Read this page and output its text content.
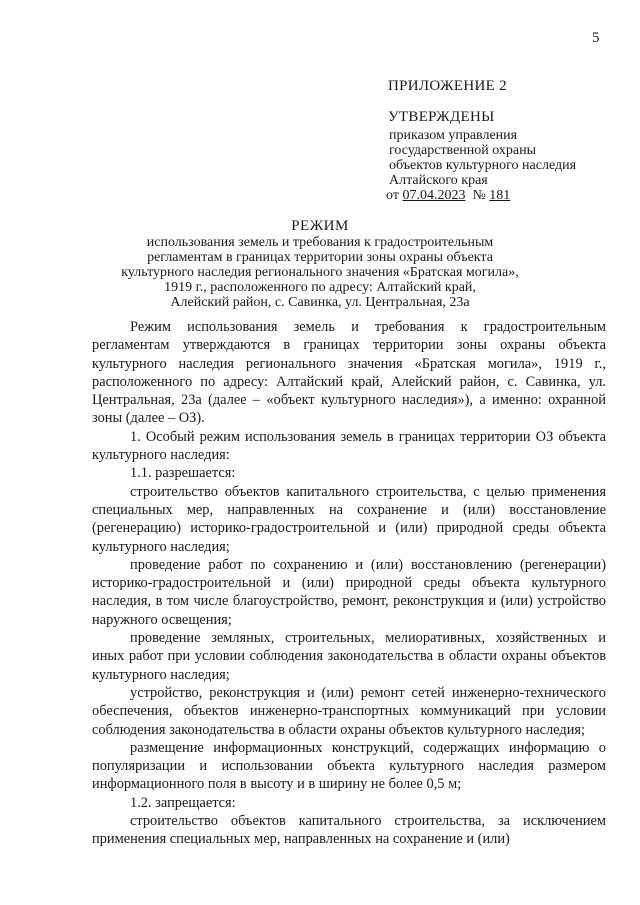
5
ПРИЛОЖЕНИЕ 2
УТВЕРЖДЕНЫ
приказом управления
государственной охраны
объектов культурного наследия
Алтайского края
от 07.04.2023  № 181
РЕЖИМ
использования земель и требования к градостроительным
регламентам в границах территории зоны охраны объекта
культурного наследия регионального значения «Братская могила»,
1919 г., расположенного по адресу: Алтайский край,
Алейский район, с. Савинка, ул. Центральная, 23а

Режим использования земель и требования к градостроительным регламентам утверждаются в границах территории зоны охраны объекта культурного наследия регионального значения «Братская могила», 1919 г., расположенного по адресу: Алтайский край, Алейский район, с. Савинка, ул. Центральная, 23а (далее – «объект культурного наследия»), а именно: охранной зоны (далее – ОЗ).

1. Особый режим использования земель в границах территории ОЗ объекта культурного наследия:

1.1. разрешается:

строительство объектов капитального строительства, с целью применения специальных мер, направленных на сохранение и (или) восстановление (регенерацию) историко-градостроительной и (или) природной среды объекта культурного наследия;

проведение работ по сохранению и (или) восстановлению (регенерации) историко-градостроительной и (или) природной среды объекта культурного наследия, в том числе благоустройство, ремонт, реконструкция и (или) устройство наружного освещения;

проведение земляных, строительных, мелиоративных, хозяйственных и иных работ при условии соблюдения законодательства в области охраны объектов культурного наследия;

устройство, реконструкция и (или) ремонт сетей инженерно-технического обеспечения, объектов инженерно-транспортных коммуникаций при условии соблюдения законодательства в области охраны объектов культурного наследия;

размещение информационных конструкций, содержащих информацию о популяризации и использовании объекта культурного наследия размером информационного поля в высоту и в ширину не более 0,5 м;

1.2. запрещается:

строительство объектов капитального строительства, за исключением применения специальных мер, направленных на сохранение и (или)
